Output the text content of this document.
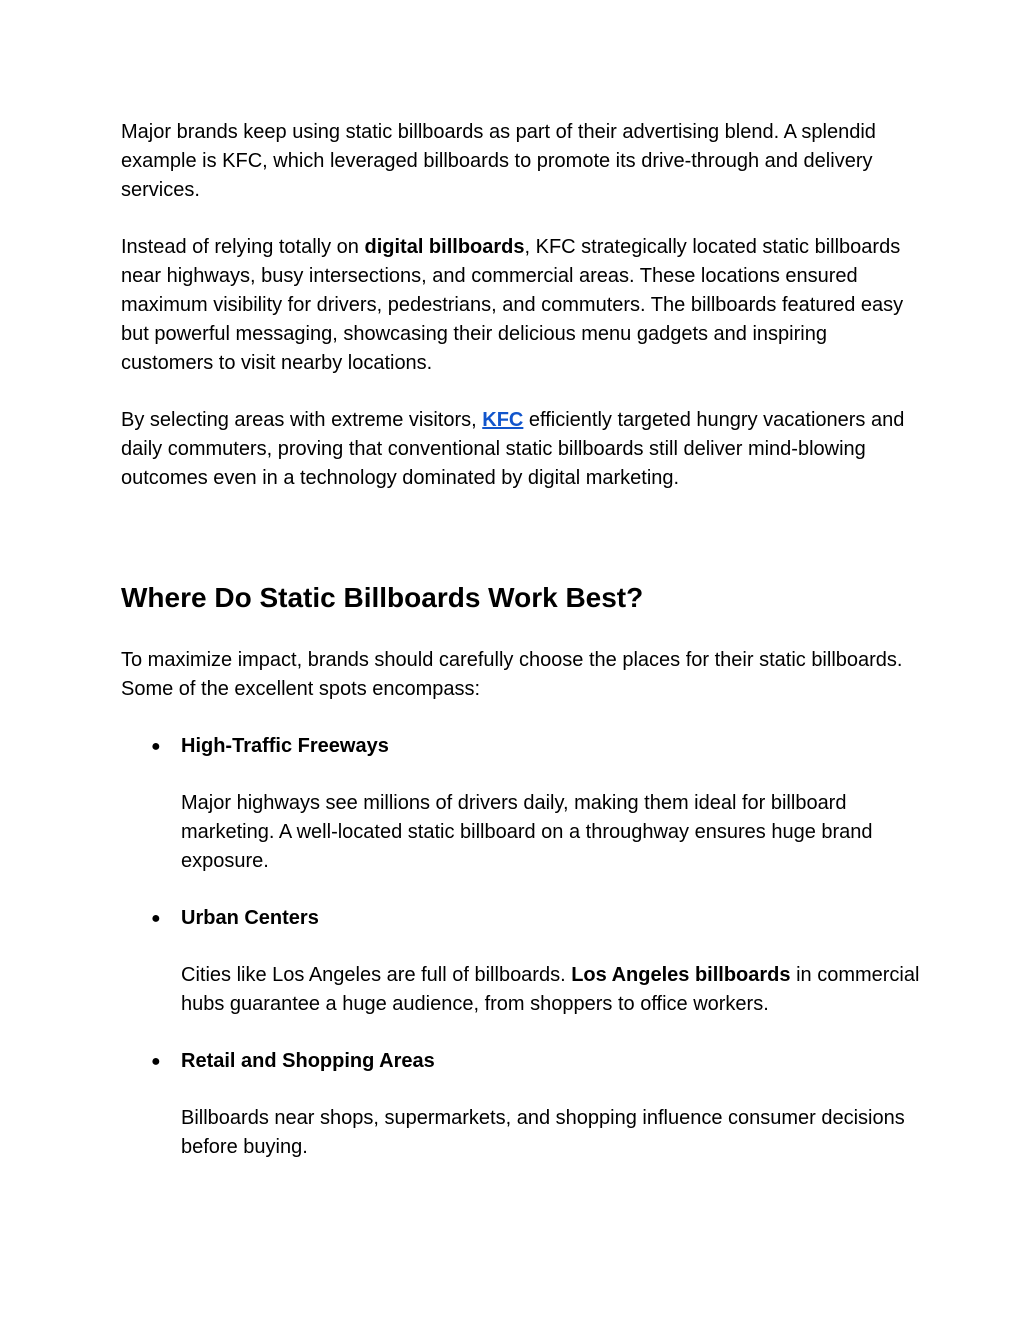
Major brands keep using static billboards as part of their advertising blend. A splendid example is KFC, which leveraged billboards to promote its drive-through and delivery services.

Instead of relying totally on digital billboards, KFC strategically located static billboards near highways, busy intersections, and commercial areas. These locations ensured maximum visibility for drivers, pedestrians, and commuters. The billboards featured easy but powerful messaging, showcasing their delicious menu gadgets and inspiring customers to visit nearby locations.

By selecting areas with extreme visitors, KFC efficiently targeted hungry vacationers and daily commuters, proving that conventional static billboards still deliver mind-blowing outcomes even in a technology dominated by digital marketing.

Where Do Static Billboards Work Best?

To maximize impact, brands should carefully choose the places for their static billboards. Some of the excellent spots encompass:

● High-Traffic Freeways

Major highways see millions of drivers daily, making them ideal for billboard marketing. A well-located static billboard on a throughway ensures huge brand exposure.

● Urban Centers

Cities like Los Angeles are full of billboards. Los Angeles billboards in commercial hubs guarantee a huge audience, from shoppers to office workers.

● Retail and Shopping Areas

Billboards near shops, supermarkets, and shopping influence consumer decisions before buying.
